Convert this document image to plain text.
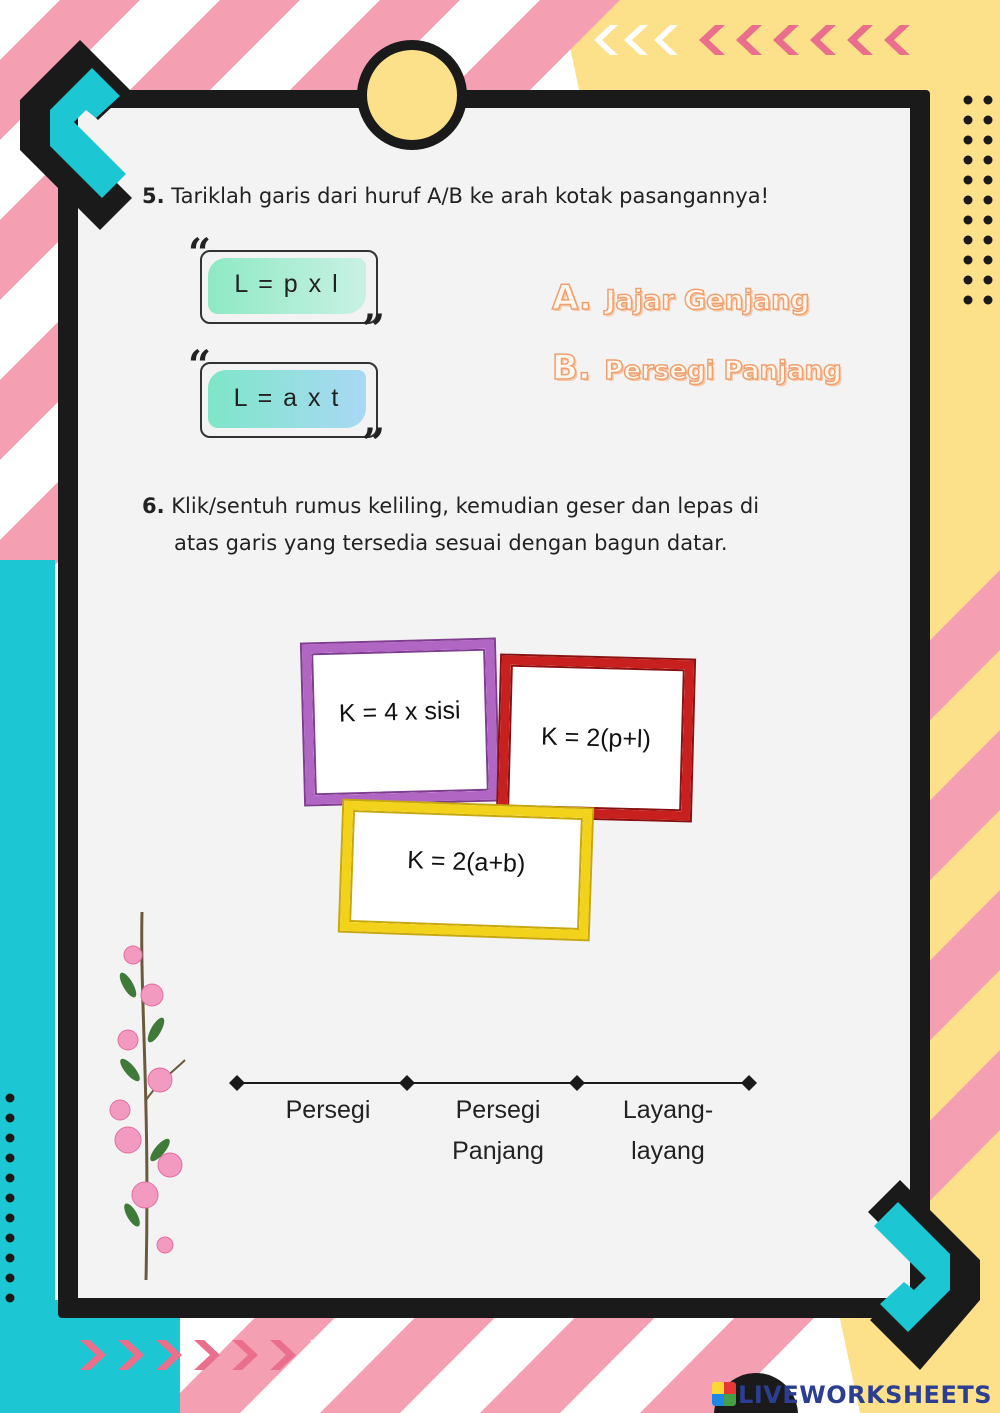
5. Tariklah garis dari huruf A/B ke arah kotak pasangannya!
“
”
L = p x l
“
”
L = a x t
A. Jajar Genjang
B. Persegi Panjang
6. Klik/sentuh rumus keliling, kemudian geser dan lepas di
atas garis yang tersedia sesuai dengan bagun datar.
K = 4 x sisi
K = 2(p+l)
K = 2(a+b)
Persegi	Persegi
Panjang
Layang-
layang
LIVEWORKSHEETS
